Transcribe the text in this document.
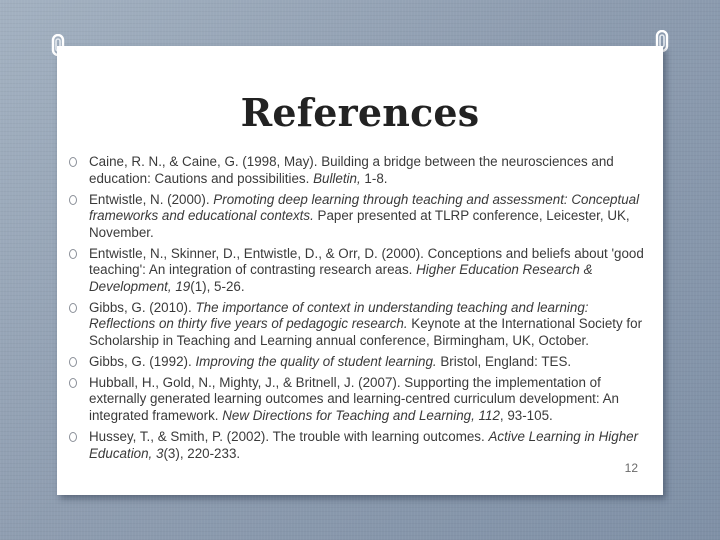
References
Caine, R. N., & Caine, G. (1998, May). Building a bridge between the neurosciences and education: Cautions and possibilities. Bulletin, 1-8.
Entwistle, N. (2000). Promoting deep learning through teaching and assessment: Conceptual frameworks and educational contexts. Paper presented at TLRP conference, Leicester, UK, November.
Entwistle, N., Skinner, D., Entwistle, D., & Orr, D. (2000). Conceptions and beliefs about 'good teaching': An integration of contrasting research areas. Higher Education Research & Development, 19(1), 5-26.
Gibbs, G. (2010). The importance of context in understanding teaching and learning: Reflections on thirty five years of pedagogic research. Keynote at the International Society for Scholarship in Teaching and Learning annual conference, Birmingham, UK, October.
Gibbs, G. (1992). Improving the quality of student learning. Bristol, England: TES.
Hubball, H., Gold, N., Mighty, J., & Britnell, J. (2007). Supporting the implementation of externally generated learning outcomes and learning-centred curriculum development: An integrated framework. New Directions for Teaching and Learning, 112, 93-105.
Hussey, T., & Smith, P. (2002). The trouble with learning outcomes. Active Learning in Higher Education, 3(3), 220-233.
12
